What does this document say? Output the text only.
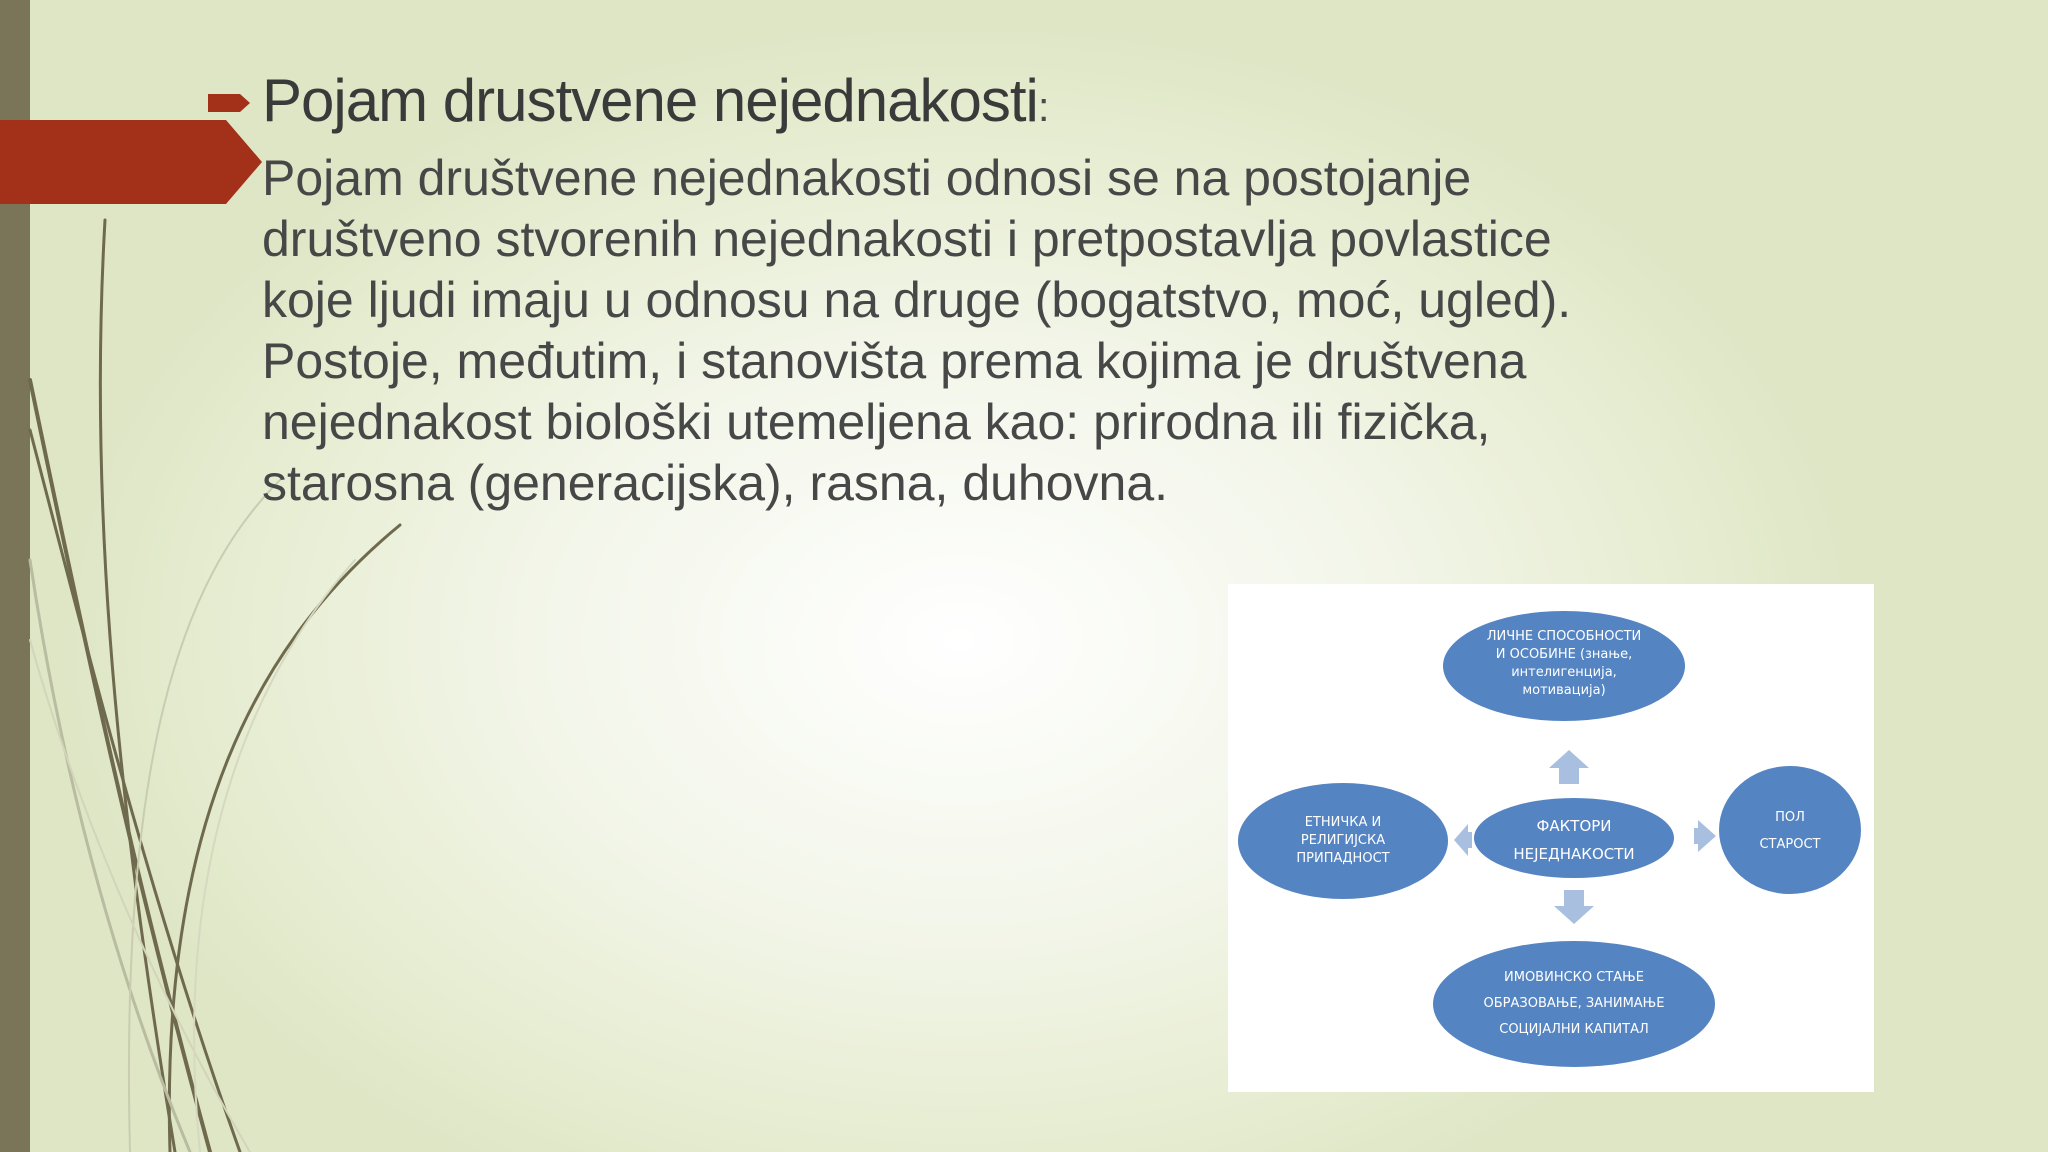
Pojam drustvene nejednakosti:
Pojam društvene nejednakosti odnosi se na postojanje
društveno stvorenih nejednakosti i pretpostavlja povlastice
koje ljudi imaju u odnosu na druge (bogatstvo, moć, ugled).
Postoje, međutim, i stanovišta prema kojima je društvena
nejednakost biološki utemeljena kao: prirodna ili fizička,
starosna (generacijska), rasna, duhovna.
ЛИЧНЕ СПОСОБНОСТИ
И ОСОБИНЕ (знање,
интелигенција,
мотивација)
ЕТНИЧКА И
РЕЛИГИЈСКА
ПРИПАДНОСТ
ФАКТОРИ
НЕЈЕДНАКОСТИ
ПОЛ
СТАРОСТ
ИМОВИНСКО СТАЊЕ
ОБРАЗОВАЊЕ, ЗАНИМАЊЕ
СОЦИЈАЛНИ КАПИТАЛ
